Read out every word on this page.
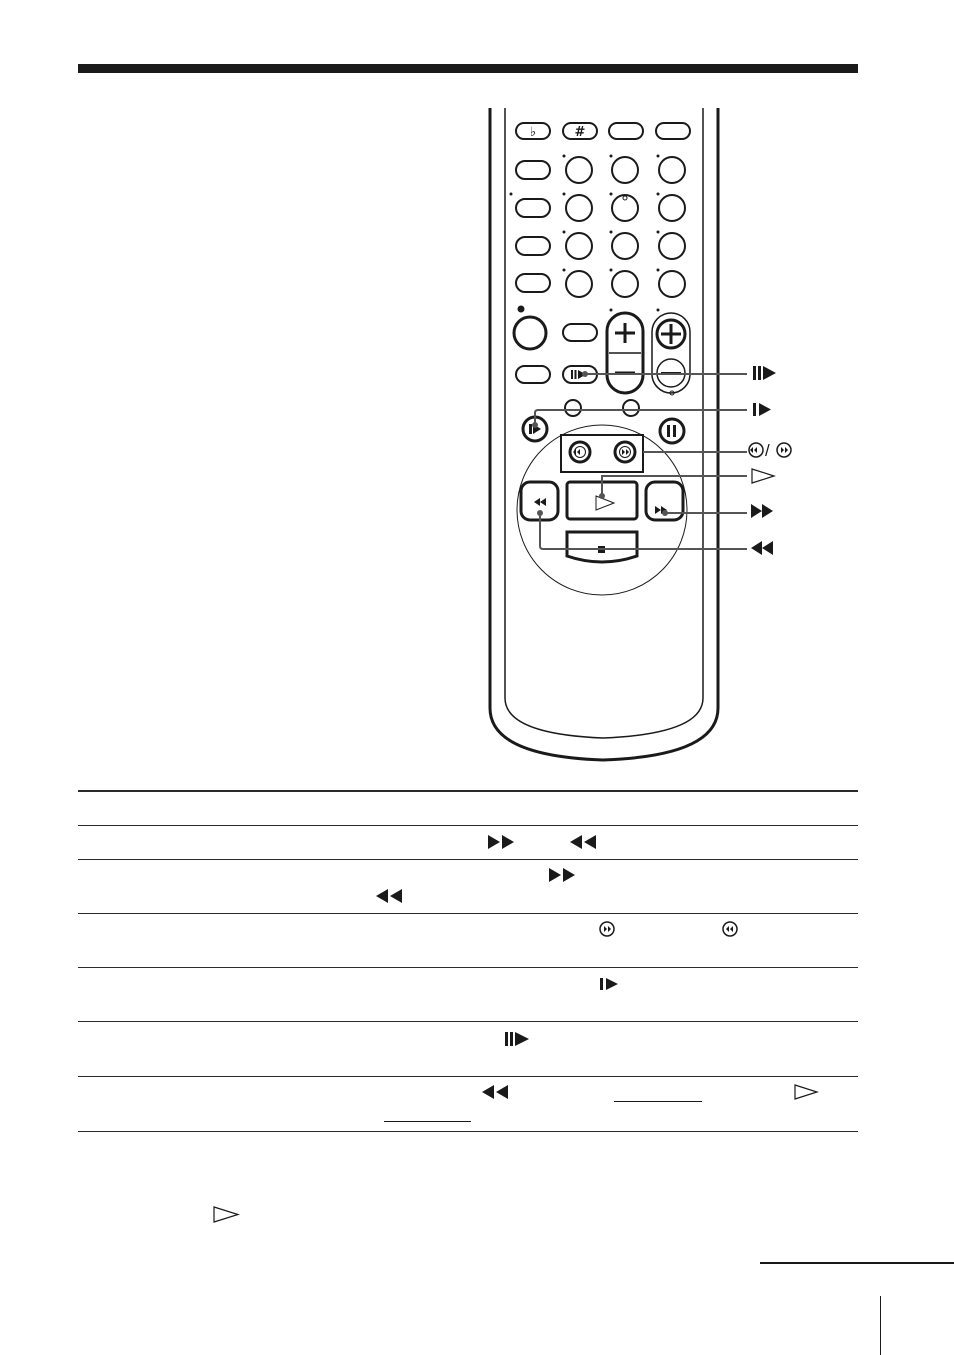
♭	#
/
